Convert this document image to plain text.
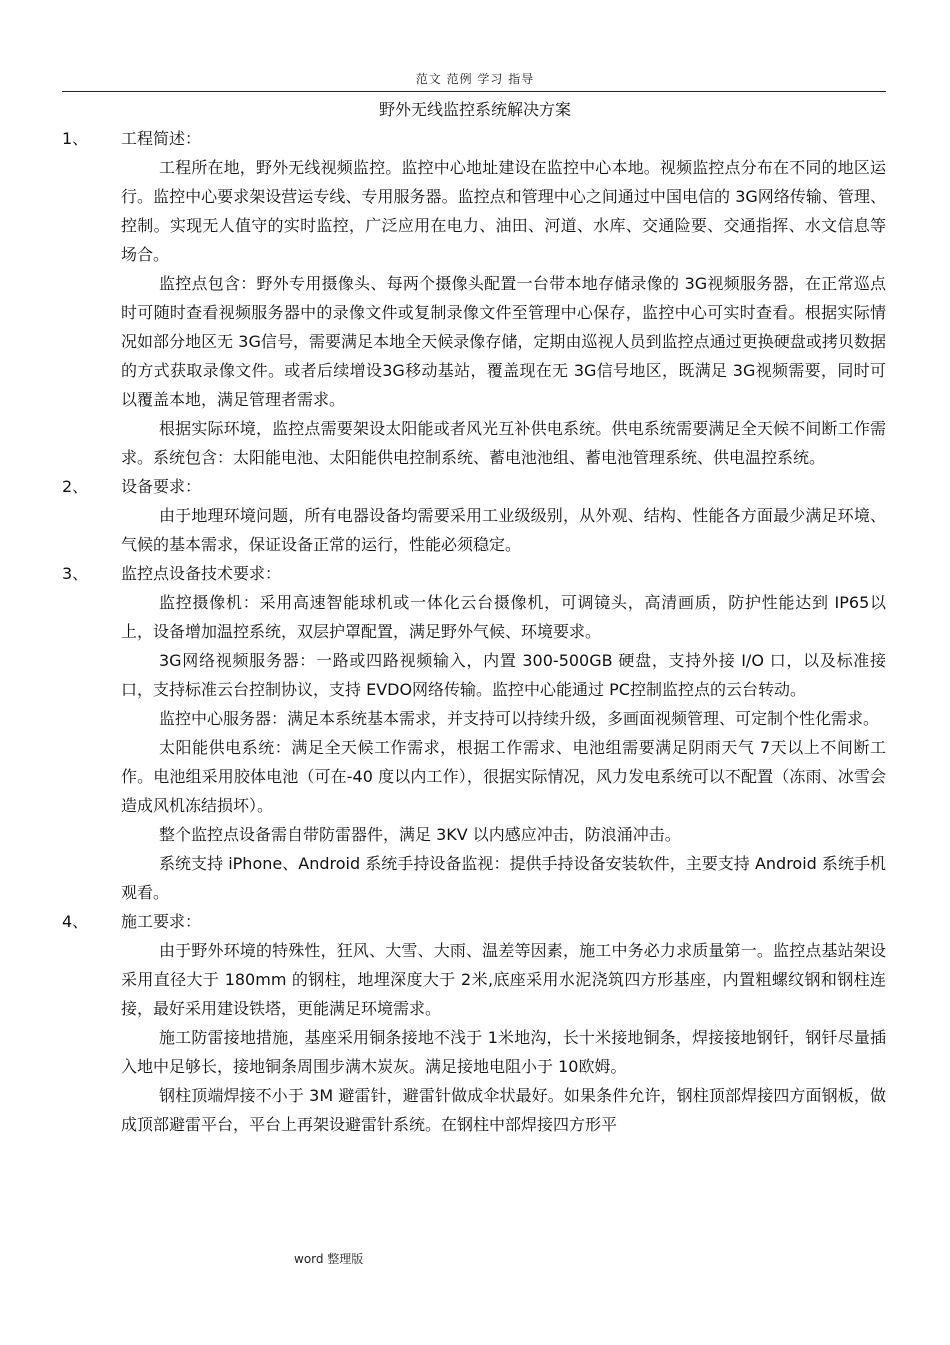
范文 范例 学习 指导
野外无线监控系统解决方案
1、	工程简述：
工程所在地，野外无线视频监控。监控中心地址建设在监控中心本地。视频监控点分布在不同的地区运行。监控中心要求架设营运专线、专用服务器。监控点和管理中心之间通过中国电信的 3G网络传输、管理、控制。实现无人值守的实时监控，广泛应用在电力、油田、河道、水库、交通险要、交通指挥、水文信息等场合。
监控点包含：野外专用摄像头、每两个摄像头配置一台带本地存储录像的 3G视频服务器，在正常巡点时可随时查看视频服务器中的录像文件或复制录像文件至管理中心保存，监控中心可实时查看。根据实际情况如部分地区无 3G信号，需要满足本地全天候录像存储，定期由巡视人员到监控点通过更换硬盘或拷贝数据的方式获取录像文件。或者后续增设3G移动基站，覆盖现在无 3G信号地区，既满足 3G视频需要，同时可以覆盖本地，满足管理者需求。
根据实际环境，监控点需要架设太阳能或者风光互补供电系统。供电系统需要满足全天候不间断工作需求。系统包含：太阳能电池、太阳能供电控制系统、蓄电池池组、蓄电池管理系统、供电温控系统。
2、	设备要求：
由于地理环境问题，所有电器设备均需要采用工业级级别，从外观、结构、性能各方面最少满足环境、气候的基本需求，保证设备正常的运行，性能必须稳定。
3、	监控点设备技术要求：
监控摄像机：采用高速智能球机或一体化云台摄像机，可调镜头，高清画质，防护性能达到 IP65以上，设备增加温控系统，双层护罩配置，满足野外气候、环境要求。
3G网络视频服务器：一路或四路视频输入，内置 300-500GB 硬盘，支持外接 I/O 口，以及标准接口，支持标准云台控制协议，支持 EVDO网络传输。监控中心能通过 PC控制监控点的云台转动。
监控中心服务器：满足本系统基本需求，并支持可以持续升级，多画面视频管理、可定制个性化需求。
太阳能供电系统：满足全天候工作需求，根据工作需求、电池组需要满足阴雨天气 7天以上不间断工作。电池组采用胶体电池（可在-40 度以内工作），很据实际情况，风力发电系统可以不配置（冻雨、冰雪会造成风机冻结损坏）。
整个监控点设备需自带防雷器件，满足 3KV 以内感应冲击，防浪涌冲击。
系统支持 iPhone、Android 系统手持设备监视：提供手持设备安装软件，主要支持 Android 系统手机观看。
4、	施工要求：
由于野外环境的特殊性，狂风、大雪、大雨、温差等因素，施工中务必力求质量第一。监控点基站架设采用直径大于 180mm 的钢柱，地埋深度大于 2米,底座采用水泥浇筑四方形基座，内置粗螺纹钢和钢柱连接，最好采用建设铁塔，更能满足环境需求。
施工防雷接地措施，基座采用铜条接地不浅于 1米地沟，长十米接地铜条，焊接接地钢钎，钢钎尽量插入地中足够长，接地铜条周围步满木炭灰。满足接地电阻小于 10欧姆。
钢柱顶端焊接不小于 3M 避雷针，避雷针做成伞状最好。如果条件允许，钢柱顶部焊接四方面钢板，做成顶部避雷平台，平台上再架设避雷针系统。在钢柱中部焊接四方形平
word 整理版
